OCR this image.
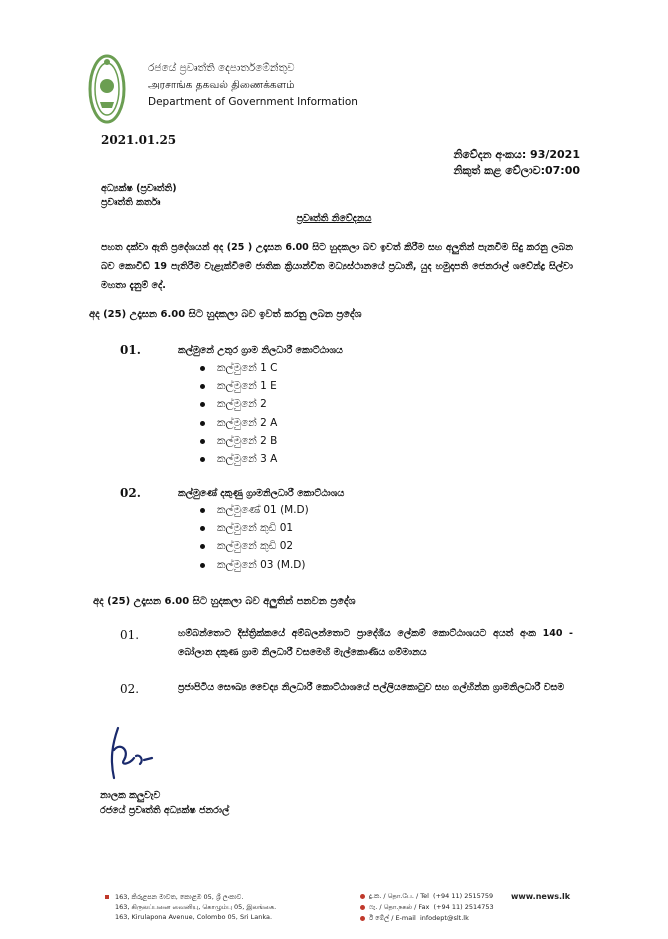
රජයේ ප්‍රවෘත්ති දෙපාර්තමේන්තුව
அரசாங்க தகவல் திணைக்களம்
Department of Government Information
2021.01.25
නිවේදන අංකය: 93/2021
නිකුත් කළ වේලාව:07:00
අධ්‍යක්ෂ (ප්‍රවෘත්ති)
ප්‍රවෘත්ති කර්තෘ
ප්‍රවෘත්ති නිවේදනය
පහත දක්වා ඇති ප්‍රදේශයන් අද (25 ) උදෑසන 6.00 සිට හුදකලා බව ඉවත් කිරීම සහ අලුතින් පැනවීම සිදු කරනු ලබන බව කොවිඩ් 19 පැතිරීම වැළැක්වීමේ ජාතික ක්‍රියාන්විත මධ්‍යස්ථානයේ ප්‍රධානී, යුද හමුදාපති ජෙනරාල් ශවේන්ද්‍ර සිල්වා මහතා දැනුම් දේ.
අද (25) උදෑසන 6.00 සිට හුදකලා බව ඉවත් කරනු ලබන ප්‍රදේශ
01.	කල්මුනේ උතුර ග්‍රාම නිලධාරී කොට්ඨාශය
කල්මුනේ 1 C
කල්මුනේ 1 E
කල්මුනේ 2
කල්මුනේ 2 A
කල්මුනේ 2 B
කල්මුනේ 3 A
02.	කල්මුණේ දකුණු ග්‍රාමනිලධාරී කොට්ඨාශය
කල්මුණේ 01 (M.D)
කල්මුනේ කුඩි 01
කල්මුනේ කුඩි 02
කල්මුනේ 03 (M.D)
අද (25) උදෑසන 6.00 සිට හුදකලා බව අලුතින් පනවන ප්‍රදේශ
01.	හම්බන්තොට දිස්ත්‍රික්කයේ අම්බලන්තොට ප්‍රාදේශීය ලේකම් කොට්ඨාශයට අයත් අංක 140 - බෝලාන දකුණ ග්‍රාම නිලධාරී වසමෙහි මැල්කොණිය ගම්මානය
02.	ප්‍රජාපිටිය සෞඛ්‍ය වෛද්‍ය නිලධාරී කොට්ඨාශයේ පල්ලියකොටුව සහ ගල්හින්න ග්‍රාමනිලධාරී වසම
නාලක කලුවැව
රජයේ ප්‍රවෘත්ති අධ්‍යක්ෂ ජනරාල්
163, කිරුළපන මාවත, කොළඹ 05, ශ්‍රී ලංකාව.
163, கிருலப்பனை வைனியு, கொழும்பு 05, இலங்கை.
163, Kirulapona Avenue, Colombo 05, Sri Lanka.
දු.ක. / தொ.பே. / Tel (+94 11) 2515759
ෆැ. / தொ.நகல் / Fax (+94 11) 2514753
ඊ මේල් / E-mail infodept@slt.lk
www.news.lk
